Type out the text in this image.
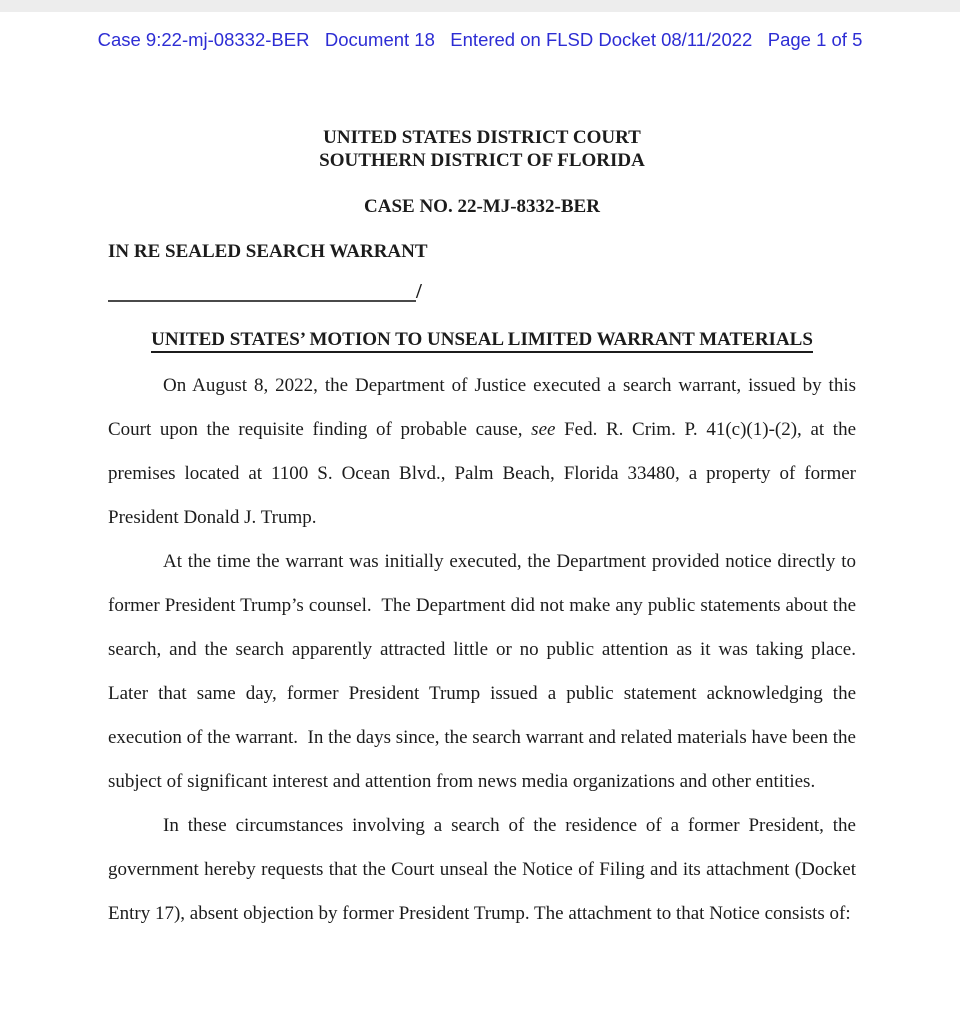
Case 9:22-mj-08332-BER   Document 18   Entered on FLSD Docket 08/11/2022   Page 1 of 5
UNITED STATES DISTRICT COURT
SOUTHERN DISTRICT OF FLORIDA
CASE NO. 22-MJ-8332-BER
IN RE SEALED SEARCH WARRANT
/
UNITED STATES’ MOTION TO UNSEAL LIMITED WARRANT MATERIALS

On August 8, 2022, the Department of Justice executed a search warrant, issued by this Court upon the requisite finding of probable cause, see Fed. R. Crim. P. 41(c)(1)-(2), at the premises located at 1100 S. Ocean Blvd., Palm Beach, Florida 33480, a property of former President Donald J. Trump.

At the time the warrant was initially executed, the Department provided notice directly to former President Trump’s counsel.  The Department did not make any public statements about the search, and the search apparently attracted little or no public attention as it was taking place.  Later that same day, former President Trump issued a public statement acknowledging the execution of the warrant.  In the days since, the search warrant and related materials have been the subject of significant interest and attention from news media organizations and other entities.

In these circumstances involving a search of the residence of a former President, the government hereby requests that the Court unseal the Notice of Filing and its attachment (Docket Entry 17), absent objection by former President Trump. The attachment to that Notice consists of:
